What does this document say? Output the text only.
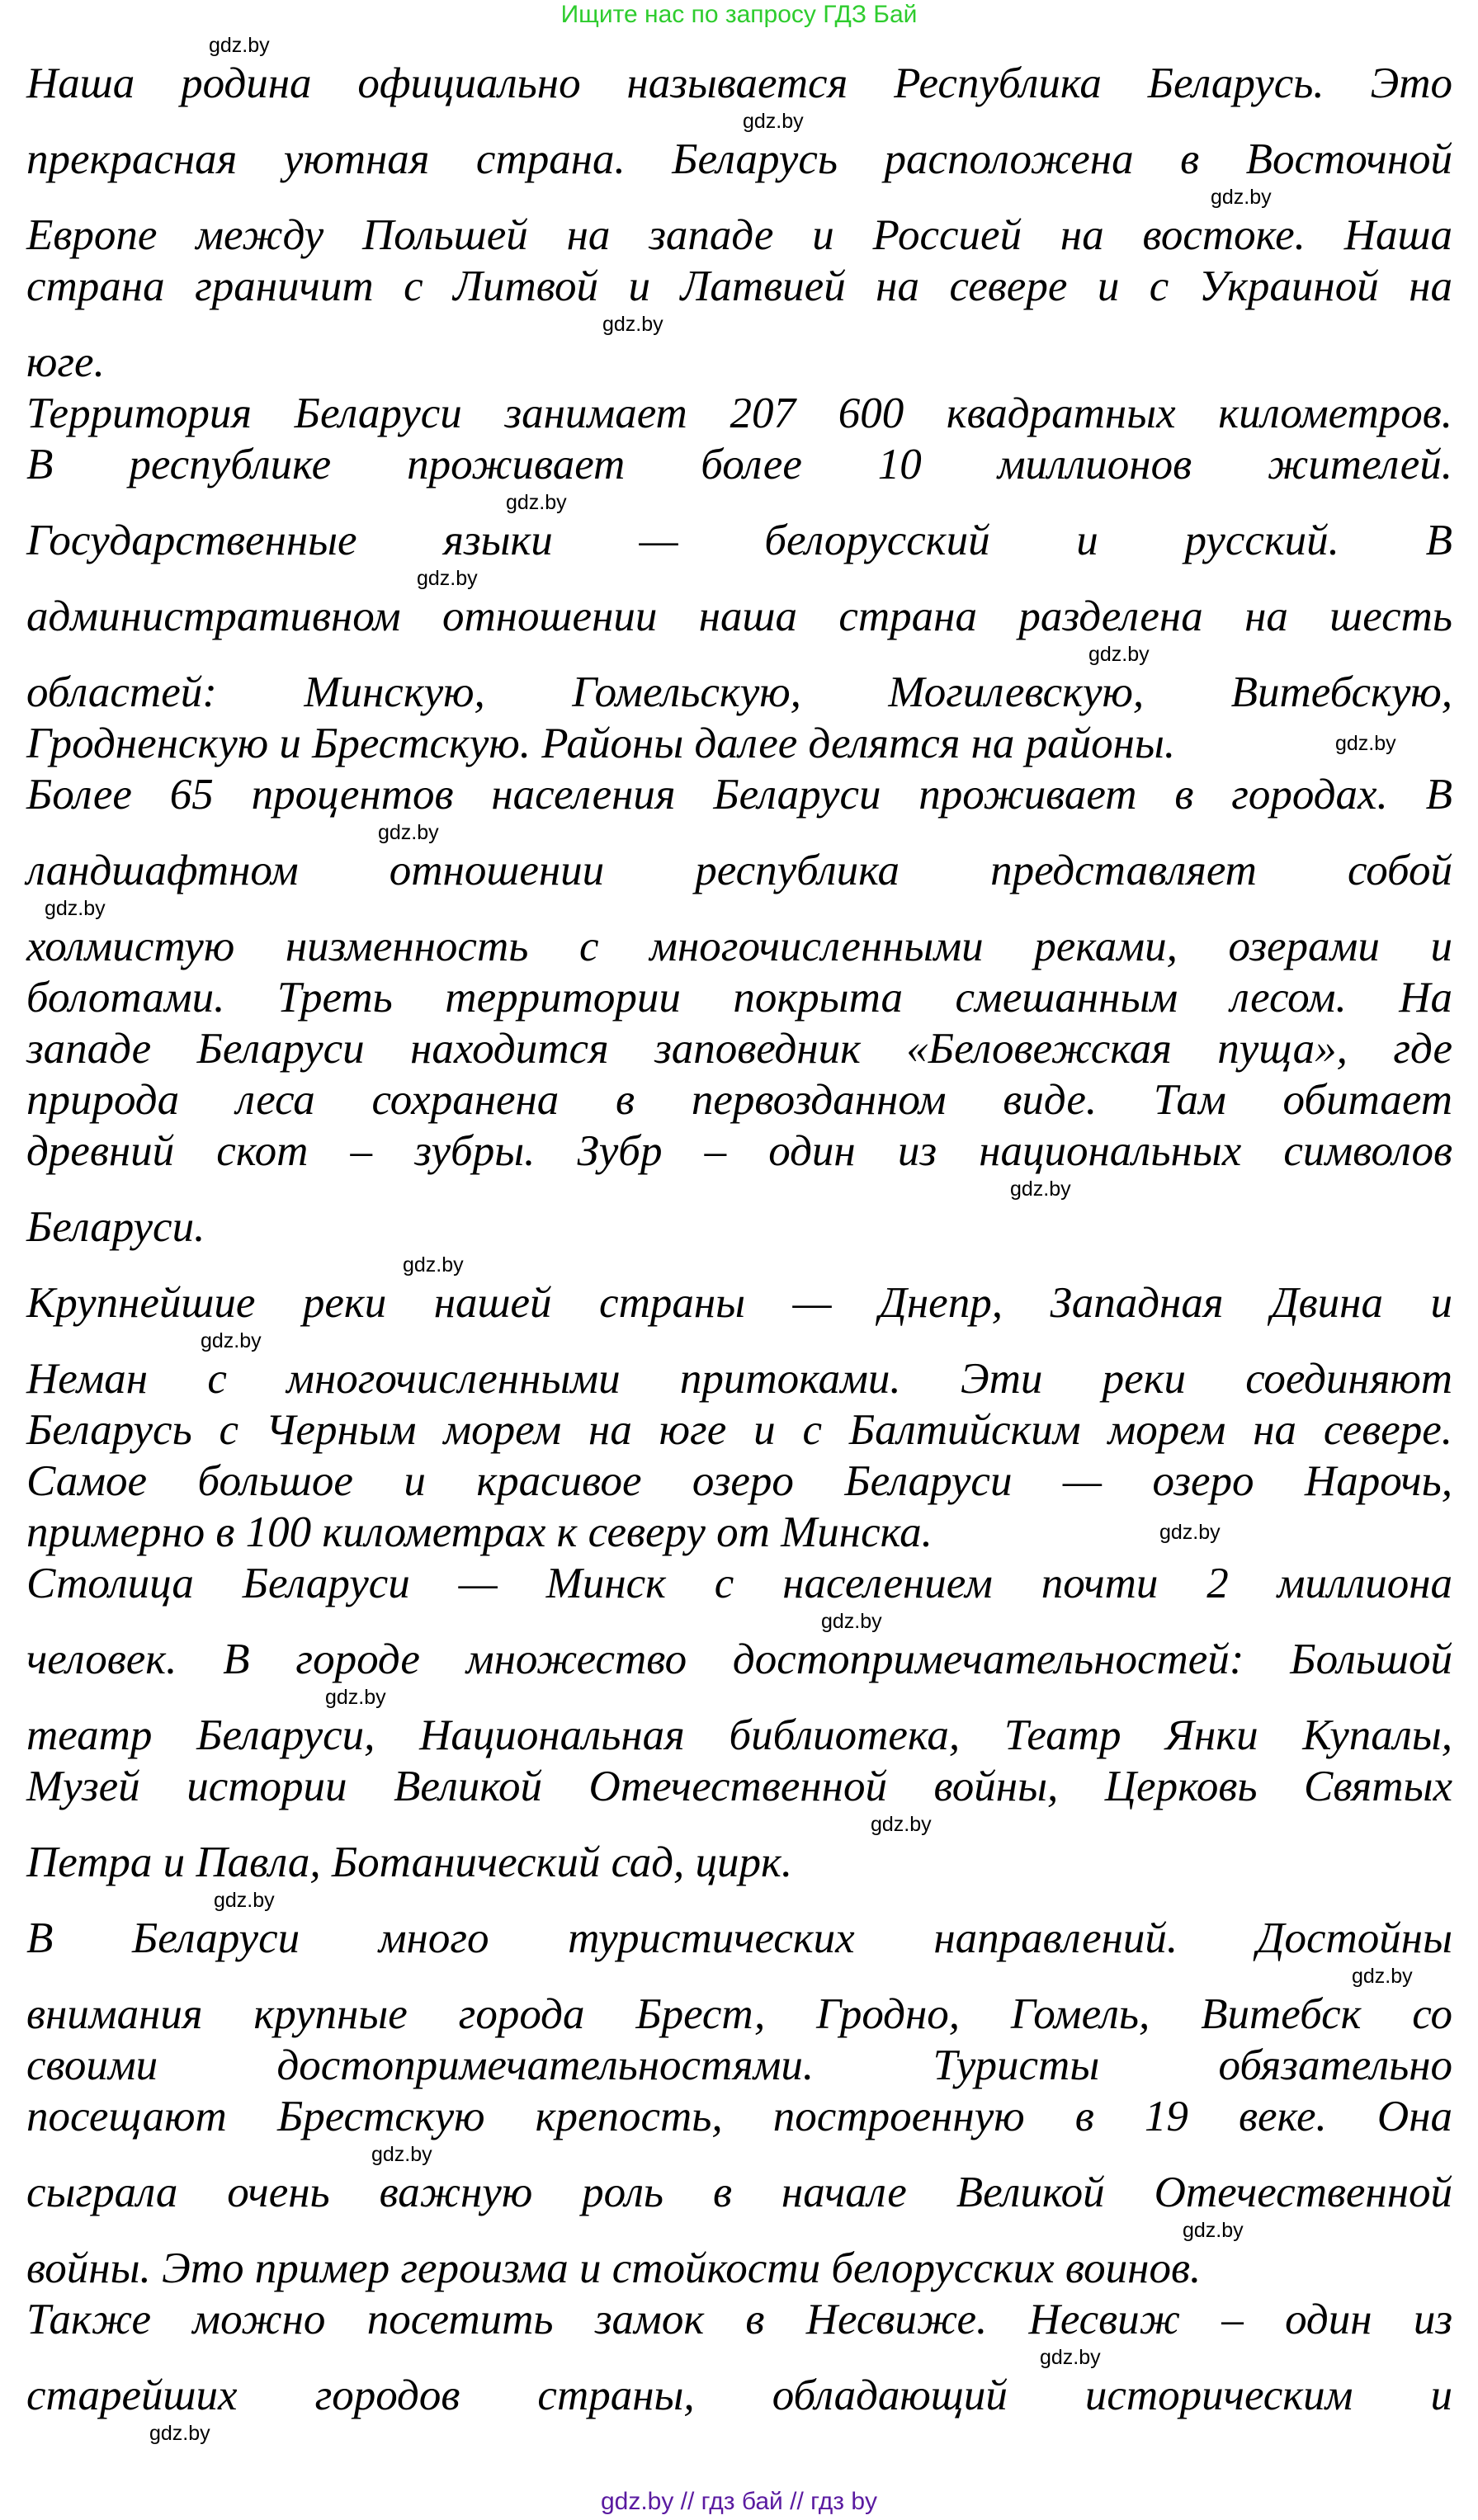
Ищите нас по запросу ГДЗ Бай
gdz.by
Наша родина официально называется Республика Беларусь. Это
gdz.by
прекрасная уютная страна. Беларусь расположена в Восточной
gdz.by
Европе между Польшей на западе и Россией на востоке. Наша
страна граничит с Литвой и Латвией на севере и с Украиной на
gdz.by
юге.
Территория Беларуси занимает 207 600 квадратных километров.
В республике проживает более 10 миллионов жителей.
gdz.by
Государственные языки — белорусский и русский. В
gdz.by
административном отношении наша страна разделена на шесть
gdz.by
областей: Минскую, Гомельскую, Могилевскую, Витебскую,
Гродненскую и Брестскую. Районы далее делятся на районы.	gdz.by
Более 65 процентов населения Беларуси проживает в городах. В
gdz.by
ландшафтном отношении республика представляет собой
gdz.by
холмистую низменность с многочисленными реками, озерами и
болотами. Треть территории покрыта смешанным лесом. На
западе Беларуси находится заповедник «Беловежская пуща», где
природа леса сохранена в первозданном виде. Там обитает
древний скот – зубры. Зубр – один из национальных символов
gdz.by
Беларуси.
gdz.by
Крупнейшие реки нашей страны — Днепр, Западная Двина и
gdz.by
Неман с многочисленными притоками. Эти реки соединяют
Беларусь с Черным морем на юге и с Балтийским морем на севере.
Самое большое и красивое озеро Беларуси — озеро Нарочь,
примерно в 100 километрах к северу от Минска.	gdz.by
Столица Беларуси — Минск с населением почти 2 миллиона
gdz.by
человек. В городе множество достопримечательностей: Большой
gdz.by
театр Беларуси, Национальная библиотека, Театр Янки Купалы,
Музей истории Великой Отечественной войны, Церковь Святых
gdz.by
Петра и Павла, Ботанический сад, цирк.
gdz.by
В Беларуси много туристических направлений. Достойны
gdz.by
внимания крупные города Брест, Гродно, Гомель, Витебск со
своими достопримечательностями. Туристы обязательно
посещают Брестскую крепость, построенную в 19 веке. Она
gdz.by
сыграла очень важную роль в начале Великой Отечественной
gdz.by
войны. Это пример героизма и стойкости белорусских воинов.
Также можно посетить замок в Несвиже. Несвиж – один из
gdz.by
старейших городов страны, обладающий историческим и
gdz.by
gdz.by // гдз бай // гдз by
